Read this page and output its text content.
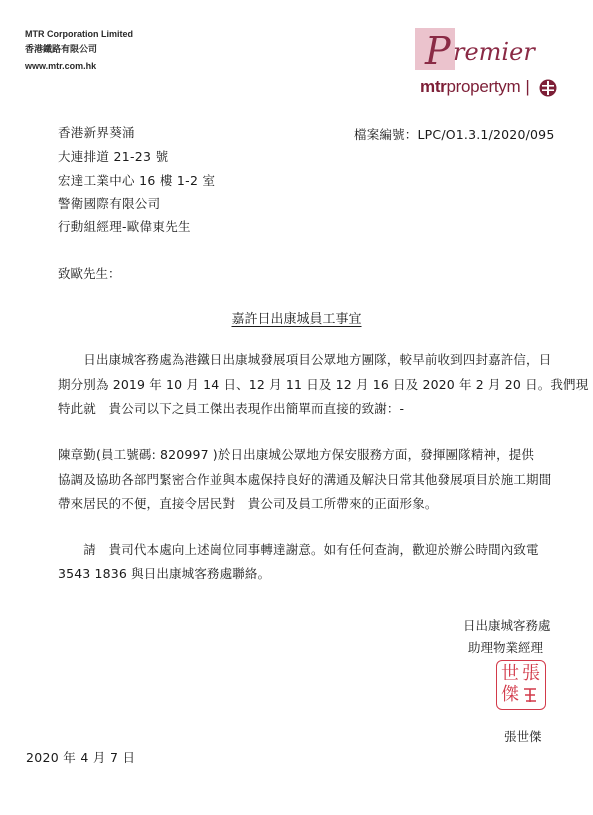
MTR Corporation Limited
香港鐵路有限公司
www.mtr.com.hk	P remier
mtrpropertym |
香港新界葵涌
大連排道 21-23 號
宏達工業中心 16 樓 1-2 室
警衛國際有限公司
行動組經理-歐偉東先生
檔案編號：LPC/O1.3.1/2020/095
致歐先生：
嘉許日出康城員工事宜
　　日出康城客務處為港鐵日出康城發展項目公眾地方團隊，較早前收到四封嘉許信，日
期分別為 2019 年 10 月 14 日、12 月 11 日及 12 月 16 日及 2020 年 2 月 20 日。我們現
特此就　貴公司以下之員工傑出表現作出簡單而直接的致謝：-
陳章勤(員工號碼: 820997 )於日出康城公眾地方保安服務方面，發揮團隊精神，提供
協調及協助各部門緊密合作並與本處保持良好的溝通及解決日常其他發展項目於施工期間
帶來居民的不便，直接令居民對　貴公司及員工所帶來的正面形象。
　　請　貴司代本處向上述崗位同事轉達謝意。如有任何查詢，歡迎於辦公時間內致電
3543 1836 與日出康城客務處聯絡。
日出康城客務處
助理物業經理
世 張
傑
張世傑
2020 年 4 月 7 日
